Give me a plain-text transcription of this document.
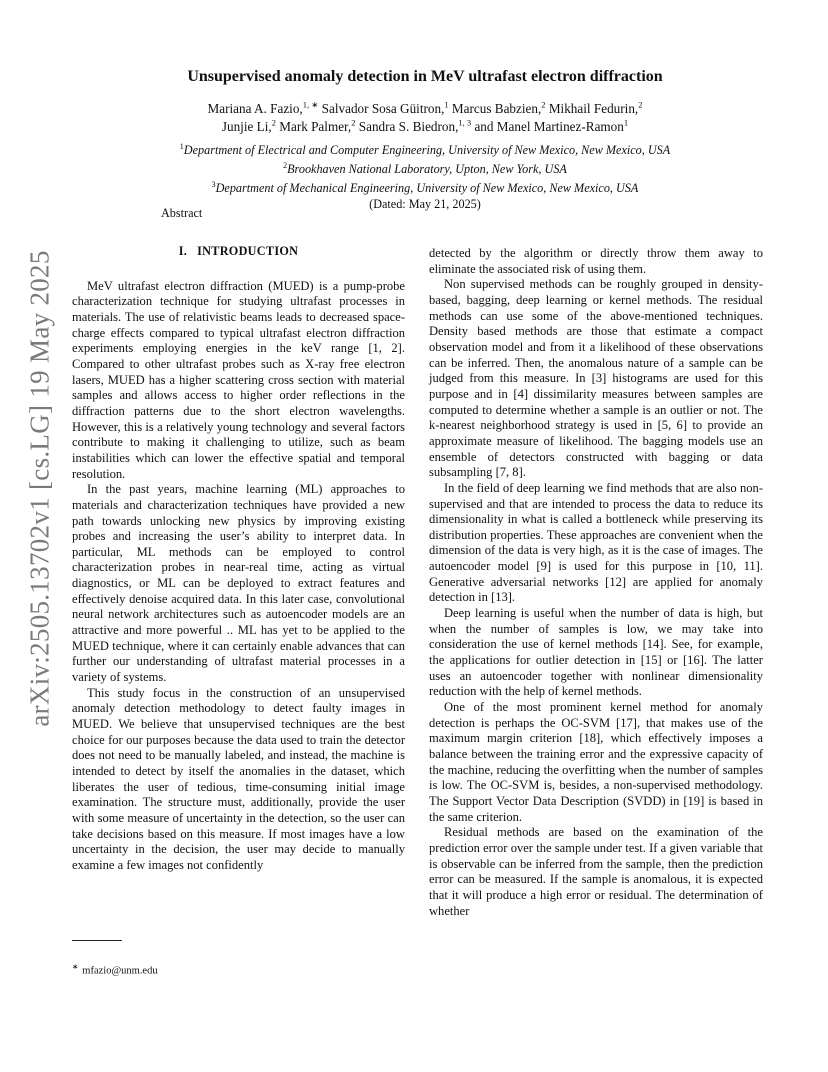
arXiv:2505.13702v1 [cs.LG] 19 May 2025
Unsupervised anomaly detection in MeV ultrafast electron diffraction
Mariana A. Fazio,$^{1, ∗}$ Salvador Sosa Güitron,$^1$ Marcus Babzien,$^2$ Mikhail Fedurin,$^2$
Junjie Li,$^2$ Mark Palmer,$^2$ Sandra S. Biedron,$^{1, 3}$ and Manel Martinez-Ramon$^1$
$^1$Department of Electrical and Computer Engineering, University of New Mexico, New Mexico, USA
$^2$Brookhaven National Laboratory, Upton, New York, USA
$^3$Department of Mechanical Engineering, University of New Mexico, New Mexico, USA
(Dated: May 21, 2025)
Abstract
I. INTRODUCTION

MeV ultrafast electron diffraction (MUED) is a pump-probe characterization technique for studying ultrafast processes in materials. The use of relativistic beams leads to decreased space-charge effects compared to typical ultrafast electron diffraction experiments employing energies in the keV range [1, 2]. Compared to other ultrafast probes such as X-ray free electron lasers, MUED has a higher scattering cross section with material samples and allows access to higher order reflections in the diffraction patterns due to the short electron wavelengths. However, this is a relatively young technology and several factors contribute to making it challenging to utilize, such as beam instabilities which can lower the effective spatial and temporal resolution.

In the past years, machine learning (ML) approaches to materials and characterization techniques have provided a new path towards unlocking new physics by improving existing probes and increasing the user’s ability to interpret data. In particular, ML methods can be employed to control characterization probes in near-real time, acting as virtual diagnostics, or ML can be deployed to extract features and effectively denoise acquired data. In this later case, convolutional neural network architectures such as autoencoder models are an attractive and more powerful .. ML has yet to be applied to the MUED technique, where it can certainly enable advances that can further our understanding of ultrafast material processes in a variety of systems.

This study focus in the construction of an unsupervised anomaly detection methodology to detect faulty images in MUED. We believe that unsupervised techniques are the best choice for our purposes because the data used to train the detector does not need to be manually labeled, and instead, the machine is intended to detect by itself the anomalies in the dataset, which liberates the user of tedious, time-consuming initial image examination. The structure must, additionally, provide the user with some measure of uncertainty in the detection, so the user can take decisions based on this measure. If most images have a low uncertainty in the decision, the user may decide to manually examine a few images not confidently

detected by the algorithm or directly throw them away to eliminate the associated risk of using them.

Non supervised methods can be roughly grouped in density-based, bagging, deep learning or kernel methods. The residual methods can use some of the above-mentioned techniques. Density based methods are those that estimate a compact observation model and from it a likelihood of these observations can be inferred. Then, the anomalous nature of a sample can be judged from this measure. In [3] histograms are used for this purpose and in [4] dissimilarity measures between samples are computed to determine whether a sample is an outlier or not. The k-nearest neighborhood strategy is used in [5, 6] to provide an approximate measure of likelihood. The bagging models use an ensemble of detectors constructed with bagging or data subsampling [7, 8].

In the field of deep learning we find methods that are also non-supervised and that are intended to process the data to reduce its dimensionality in what is called a bottleneck while preserving its distribution properties. These approaches are convenient when the dimension of the data is very high, as it is the case of images. The autoencoder model [9] is used for this purpose in [10, 11]. Generative adversarial networks [12] are applied for anomaly detection in [13].

Deep learning is useful when the number of data is high, but when the number of samples is low, we may take into consideration the use of kernel methods [14]. See, for example, the applications for outlier detection in [15] or [16]. The latter uses an autoencoder together with nonlinear dimensionality reduction with the help of kernel methods.

One of the most prominent kernel method for anomaly detection is perhaps the OC-SVM [17], that makes use of the maximum margin criterion [18], which effectively imposes a balance between the training error and the expressive capacity of the machine, reducing the overfitting when the number of samples is low. The OC-SVM is, besides, a non-supervised methodology. The Support Vector Data Description (SVDD) in [19] is based in the same criterion.

Residual methods are based on the examination of the prediction error over the sample under test. If a given variable that is observable can be inferred from the sample, then the prediction error can be measured. If the sample is anomalous, it is expected that it will produce a high error or residual. The determination of whether

∗ mfazio@unm.edu
